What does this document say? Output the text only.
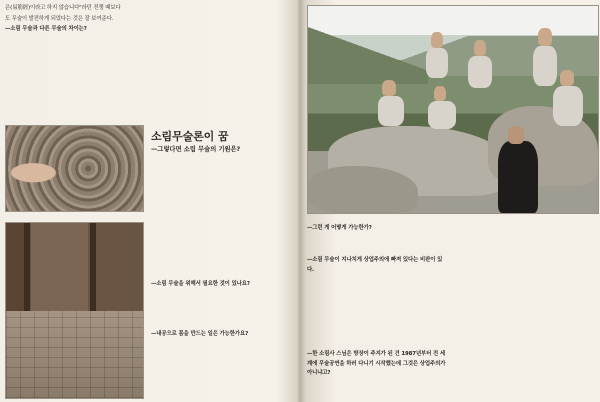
은(易筋經)이라고 하지 않습니다"라던 전쟁 때보다
도 무술이 발전하게 되었다는 것은 잘 보여준다.
—소림 무술과 다른 무술의 차이는?
소림무술론이 꿈
—그렇다면 소림 무술의 기원은?
—소림 무술을 위해서 필요한 것이 있나요?
—내공으로 몸을 만드는 일은 가능한가요?
—그런 게 어떻게 가능한가?
—소림 무술이 지나치게 상업주의에 빠져 있다는 비판이 있다.
—한 소림사 스님은 방장이 주지가 된 건 1987년부터 전 세계에 무술공연을 하러 다니기 시작했는데 그것은 상업주의가 아니냐고?
